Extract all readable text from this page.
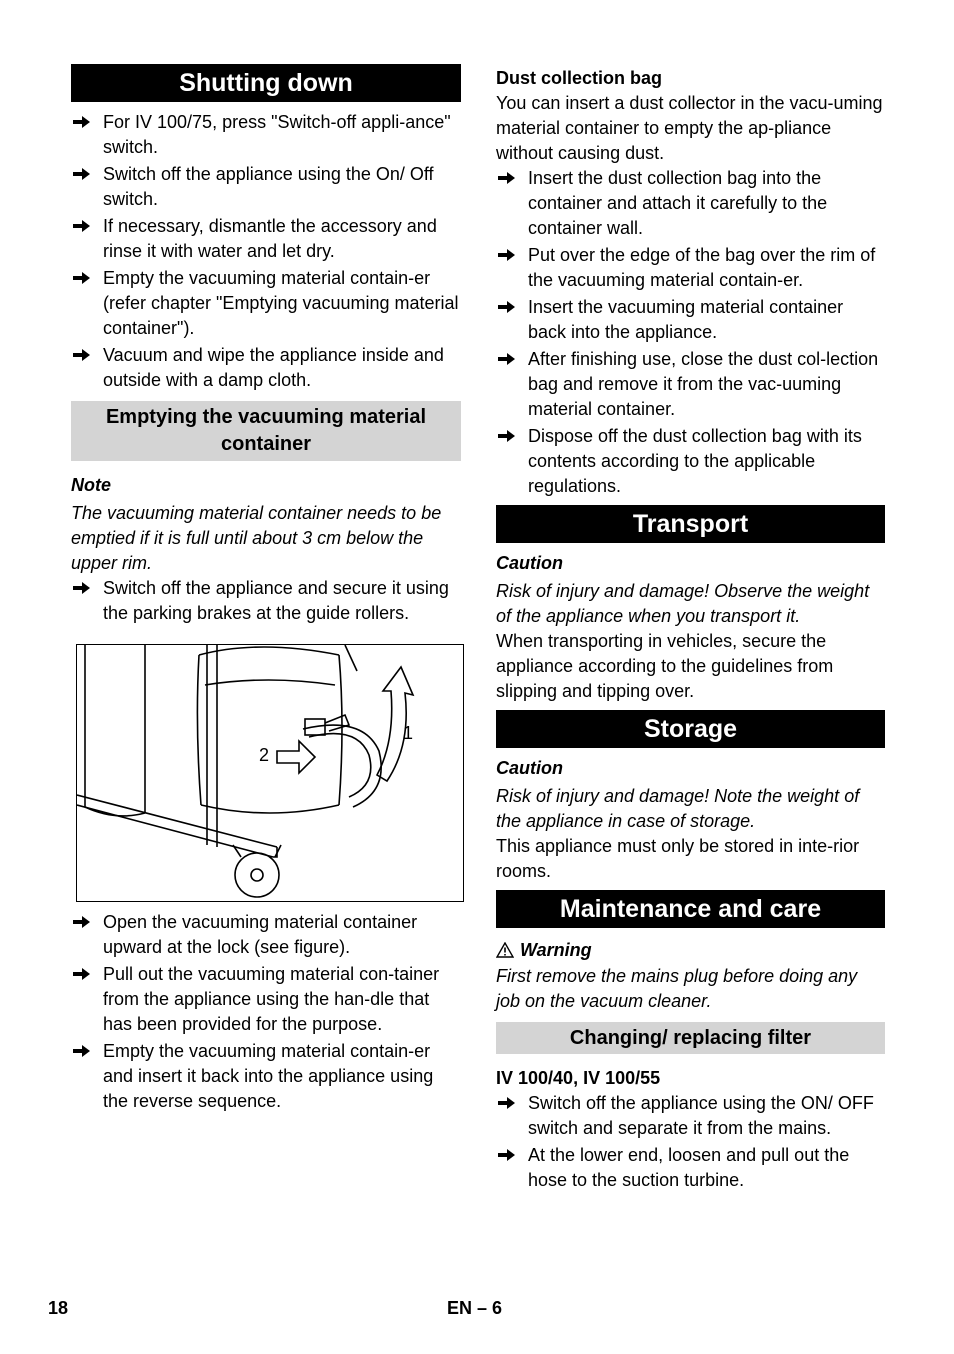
Shutting down
For IV 100/75, press "Switch-off appli-ance" switch.
Switch off the appliance using the On/ Off switch.
If necessary, dismantle the accessory and rinse it with water and let dry.
Empty the vacuuming material contain-er (refer chapter "Emptying vacuuming material container").
Vacuum and wipe the appliance inside and outside with a damp cloth.
Emptying the vacuuming material container
Note

The vacuuming material container needs to be emptied if it is full until about 3 cm below the upper rim.

Switch off the appliance and secure it using the parking brakes at the guide rollers.
2
1
Open the vacuuming material container upward at the lock (see figure).
Pull out the vacuuming material con-tainer from the appliance using the han-dle that has been provided for the purpose.
Empty the vacuuming material contain-er and insert it back into the appliance using the reverse sequence.
Dust collection bag

You can insert a dust collector in the vacu-uming material container to empty the ap-pliance without causing dust.

Insert the dust collection bag into the container and attach it carefully to the container wall.
Put over the edge of the bag over the rim of the vacuuming material contain-er.
Insert the vacuuming material container back into the appliance.
After finishing use, close the dust col-lection bag and remove it from the vac-uuming material container.
Dispose off the dust collection bag with its contents according to the applicable regulations.
Transport
Caution

Risk of injury and damage! Observe the weight of the appliance when you transport it.

When transporting in vehicles, secure the appliance according to the guidelines from slipping and tipping over.

Storage
Caution

Risk of injury and damage! Note the weight of the appliance in case of storage.

This appliance must only be stored in inte-rior rooms.

Maintenance and care
Warning

First remove the mains plug before doing any job on the vacuum cleaner.

Changing/ replacing filter
IV 100/40, IV 100/55
Switch off the appliance using the ON/ OFF switch and separate it from the mains.
At the lower end, loosen and pull out the hose to the suction turbine.
18	EN – 6
